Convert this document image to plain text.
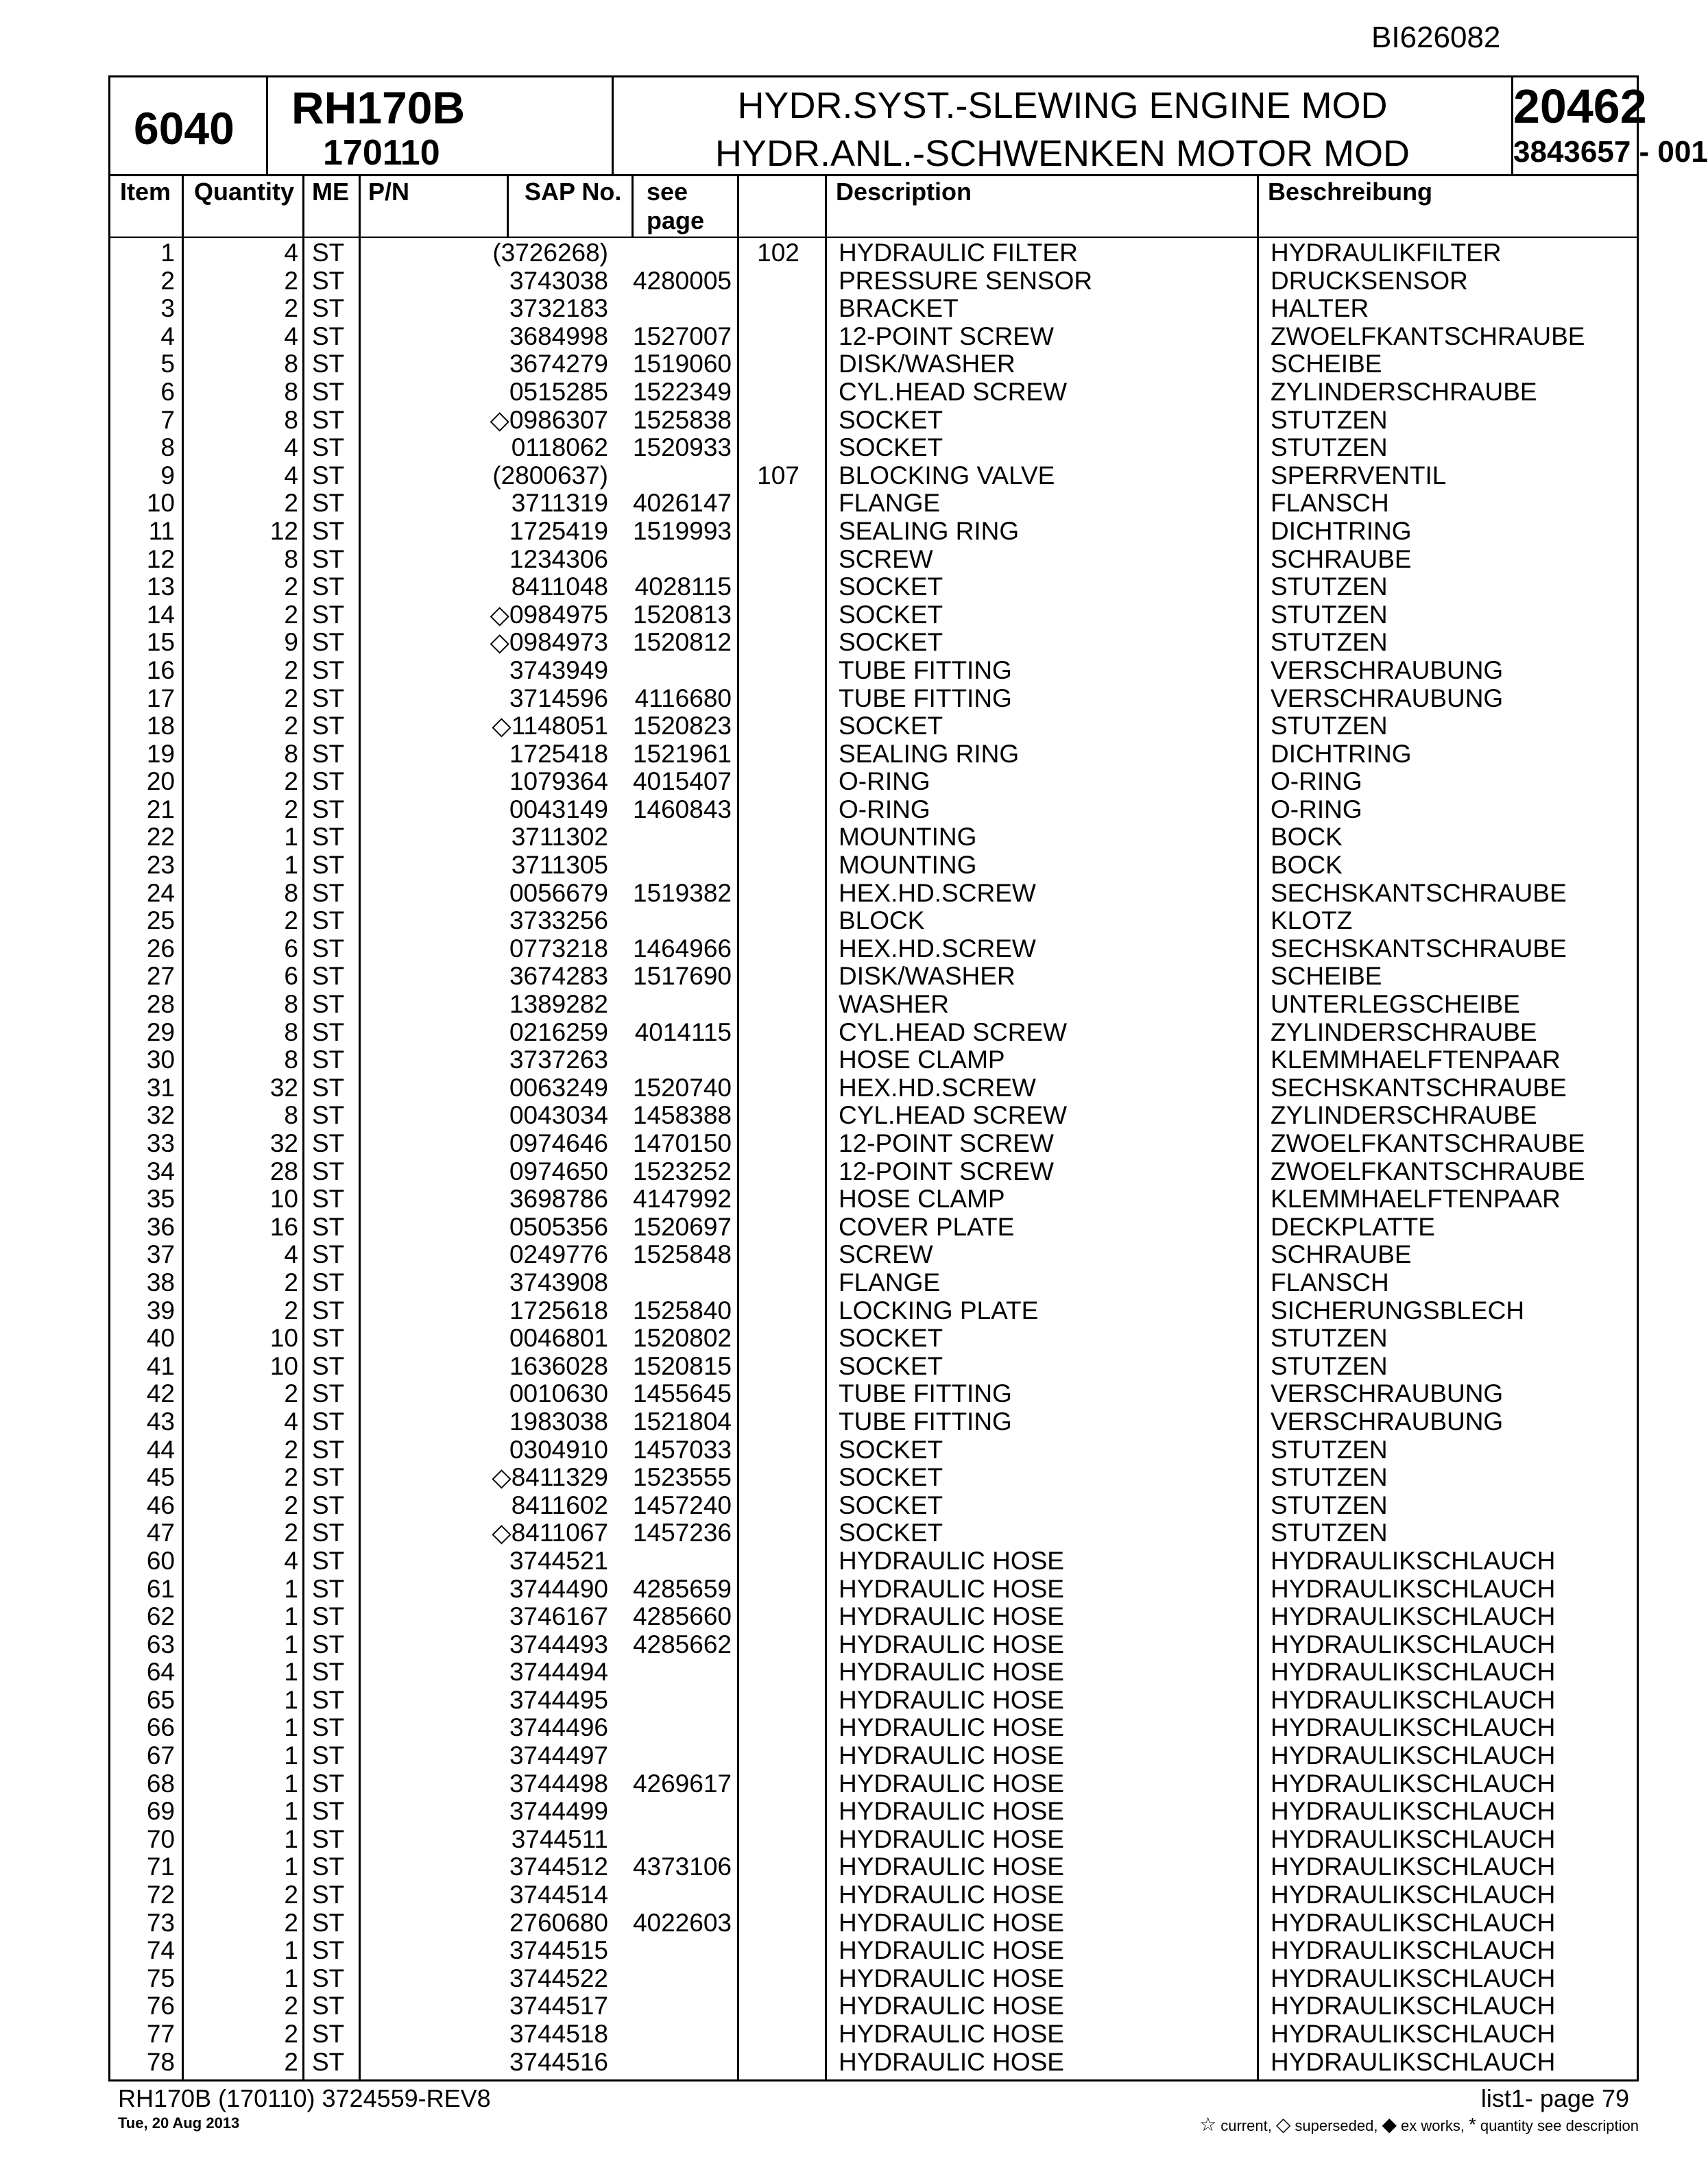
BI626082
6040 RH170B
170110
HYDR.SYST.-SLEWING ENGINE MOD
HYDR.ANL.-SCHWENKEN MOTOR MOD
20462
3843657 - 001
Item Quantity ME P/N	SAP No. see
page
Description	Beschreibung
1	4 ST	(3726268)	102	HYDRAULIC FILTER	HYDRAULIKFILTER
2	2 ST	3743038 4280005	PRESSURE SENSOR	DRUCKSENSOR
3	2 ST	3732183	BRACKET	HALTER
4	4 ST	3684998 1527007	12-POINT SCREW	ZWOELFKANTSCHRAUBE
5	8 ST	3674279 1519060	DISK/WASHER	SCHEIBE
6	8 ST	0515285 1522349	CYL.HEAD SCREW	ZYLINDERSCHRAUBE
7	8 ST	◇0986307 1525838	SOCKET	STUTZEN
8	4 ST	0118062 1520933	SOCKET	STUTZEN
9	4 ST	(2800637)	107	BLOCKING VALVE	SPERRVENTIL
10	2 ST	3711319 4026147	FLANGE	FLANSCH
11	12 ST	1725419 1519993	SEALING RING	DICHTRING
12	8 ST	1234306	SCREW	SCHRAUBE
13	2 ST	8411048	4028115	SOCKET	STUTZEN
14	2 ST	◇0984975 1520813	SOCKET	STUTZEN
15	9 ST	◇0984973 1520812	SOCKET	STUTZEN
16	2 ST	3743949	TUBE FITTING	VERSCHRAUBUNG
17	2 ST	3714596	4116680	TUBE FITTING	VERSCHRAUBUNG
18	2 ST	◇1148051 1520823	SOCKET	STUTZEN
19	8 ST	1725418 1521961	SEALING RING	DICHTRING
20	2 ST	1079364 4015407	O-RING	O-RING
21	2 ST	0043149 1460843	O-RING	O-RING
22	1 ST	3711302	MOUNTING	BOCK
23	1 ST	3711305	MOUNTING	BOCK
24	8 ST	0056679 1519382	HEX.HD.SCREW	SECHSKANTSCHRAUBE
25	2 ST	3733256	BLOCK	KLOTZ
26	6 ST	0773218 1464966	HEX.HD.SCREW	SECHSKANTSCHRAUBE
27	6 ST	3674283 1517690	DISK/WASHER	SCHEIBE
28	8 ST	1389282	WASHER	UNTERLEGSCHEIBE
29	8 ST	0216259	4014115	CYL.HEAD SCREW	ZYLINDERSCHRAUBE
30	8 ST	3737263	HOSE CLAMP	KLEMMHAELFTENPAAR
31	32 ST	0063249 1520740	HEX.HD.SCREW	SECHSKANTSCHRAUBE
32	8 ST	0043034 1458388	CYL.HEAD SCREW	ZYLINDERSCHRAUBE
33	32 ST	0974646 1470150	12-POINT SCREW	ZWOELFKANTSCHRAUBE
34	28 ST	0974650 1523252	12-POINT SCREW	ZWOELFKANTSCHRAUBE
35	10 ST	3698786 4147992	HOSE CLAMP	KLEMMHAELFTENPAAR
36	16 ST	0505356 1520697	COVER PLATE	DECKPLATTE
37	4 ST	0249776 1525848	SCREW	SCHRAUBE
38	2 ST	3743908	FLANGE	FLANSCH
39	2 ST	1725618 1525840	LOCKING PLATE	SICHERUNGSBLECH
40	10 ST	0046801 1520802	SOCKET	STUTZEN
41	10 ST	1636028 1520815	SOCKET	STUTZEN
42	2 ST	0010630 1455645	TUBE FITTING	VERSCHRAUBUNG
43	4 ST	1983038 1521804	TUBE FITTING	VERSCHRAUBUNG
44	2 ST	0304910 1457033	SOCKET	STUTZEN
45	2 ST	◇8411329 1523555	SOCKET	STUTZEN
46	2 ST	8411602 1457240	SOCKET	STUTZEN
47	2 ST	◇8411067 1457236	SOCKET	STUTZEN
60	4 ST	3744521	HYDRAULIC HOSE	HYDRAULIKSCHLAUCH
61	1 ST	3744490 4285659	HYDRAULIC HOSE	HYDRAULIKSCHLAUCH
62	1 ST	3746167 4285660	HYDRAULIC HOSE	HYDRAULIKSCHLAUCH
63	1 ST	3744493 4285662	HYDRAULIC HOSE	HYDRAULIKSCHLAUCH
64	1 ST	3744494	HYDRAULIC HOSE	HYDRAULIKSCHLAUCH
65	1 ST	3744495	HYDRAULIC HOSE	HYDRAULIKSCHLAUCH
66	1 ST	3744496	HYDRAULIC HOSE	HYDRAULIKSCHLAUCH
67	1 ST	3744497	HYDRAULIC HOSE	HYDRAULIKSCHLAUCH
68	1 ST	3744498 4269617	HYDRAULIC HOSE	HYDRAULIKSCHLAUCH
69	1 ST	3744499	HYDRAULIC HOSE	HYDRAULIKSCHLAUCH
70	1 ST	3744511	HYDRAULIC HOSE	HYDRAULIKSCHLAUCH
71	1 ST	3744512 4373106	HYDRAULIC HOSE	HYDRAULIKSCHLAUCH
72	2 ST	3744514	HYDRAULIC HOSE	HYDRAULIKSCHLAUCH
73	2 ST	2760680 4022603	HYDRAULIC HOSE	HYDRAULIKSCHLAUCH
74	1 ST	3744515	HYDRAULIC HOSE	HYDRAULIKSCHLAUCH
75	1 ST	3744522	HYDRAULIC HOSE	HYDRAULIKSCHLAUCH
76	2 ST	3744517	HYDRAULIC HOSE	HYDRAULIKSCHLAUCH
77	2 ST	3744518	HYDRAULIC HOSE	HYDRAULIKSCHLAUCH
78	2 ST	3744516	HYDRAULIC HOSE	HYDRAULIKSCHLAUCH
RH170B (170110) 3724559-REV8
Tue, 20 Aug 2013
list1- page 79
☆ current, ◇ superseded, ◆ ex works, * quantity see description
